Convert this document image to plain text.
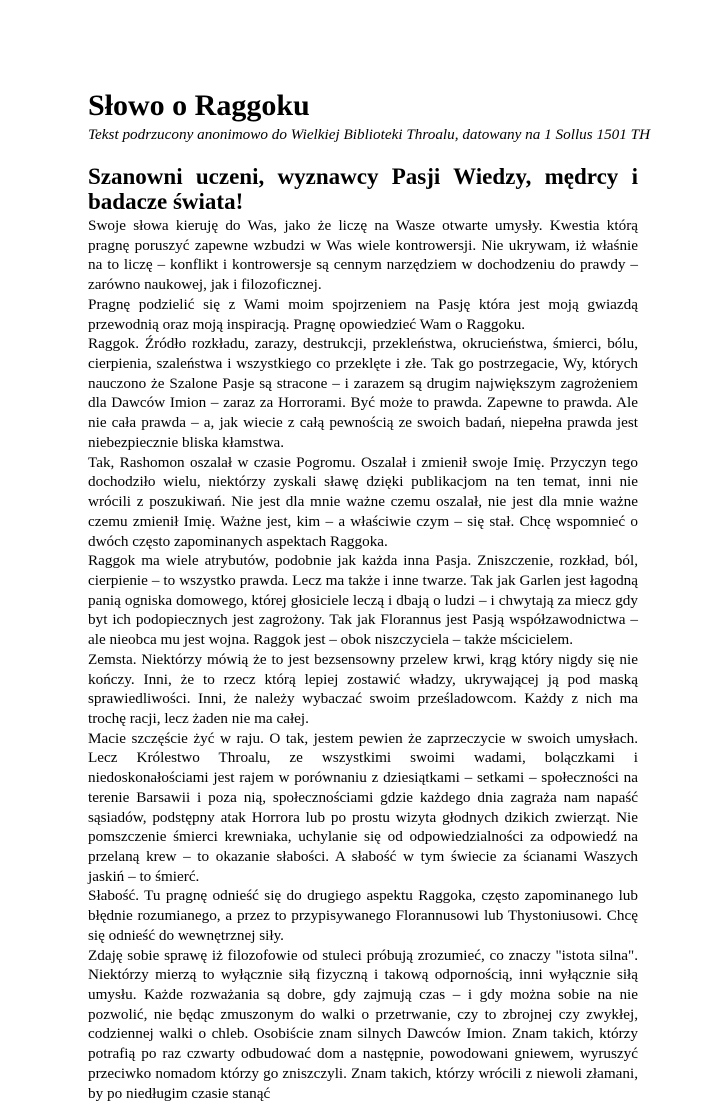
Słowo o Raggoku
Tekst podrzucony anonimowo do Wielkiej Biblioteki Throalu, datowany na 1 Sollus 1501 TH
Szanowni uczeni, wyznawcy Pasji Wiedzy, mędrcy i badacze świata!

Swoje słowa kieruję do Was, jako że liczę na Wasze otwarte umysły. Kwestia którą pragnę poruszyć zapewne wzbudzi w Was wiele kontrowersji. Nie ukrywam, iż właśnie na to liczę – konflikt i kontrowersje są cennym narzędziem w dochodzeniu do prawdy – zarówno naukowej, jak i filozoficznej.

Pragnę podzielić się z Wami moim spojrzeniem na Pasję która jest moją gwiazdą przewodnią oraz moją inspiracją. Pragnę opowiedzieć Wam o Raggoku.

Raggok. Źródło rozkładu, zarazy, destrukcji, przekleństwa, okrucieństwa, śmierci, bólu, cierpienia, szaleństwa i wszystkiego co przeklęte i złe. Tak go postrzegacie, Wy, których nauczono że Szalone Pasje są stracone – i zarazem są drugim największym zagrożeniem dla Dawców Imion – zaraz za Horrorami. Być może to prawda. Zapewne to prawda. Ale nie cała prawda – a, jak wiecie z całą pewnością ze swoich badań, niepełna prawda jest niebezpiecznie bliska kłamstwa.

Tak, Rashomon oszalał w czasie Pogromu. Oszalał i zmienił swoje Imię. Przyczyn tego dochodziło wielu, niektórzy zyskali sławę dzięki publikacjom na ten temat, inni nie wrócili z poszukiwań. Nie jest dla mnie ważne czemu oszalał, nie jest dla mnie ważne czemu zmienił Imię. Ważne jest, kim – a właściwie czym – się stał. Chcę wspomnieć o dwóch często zapominanych aspektach Raggoka.

Raggok ma wiele atrybutów, podobnie jak każda inna Pasja. Zniszczenie, rozkład, ból, cierpienie – to wszystko prawda. Lecz ma także i inne twarze. Tak jak Garlen jest łagodną panią ogniska domowego, której głosiciele leczą i dbają o ludzi – i chwytają za miecz gdy byt ich podopiecznych jest zagrożony. Tak jak Florannus jest Pasją współzawodnictwa – ale nieobca mu jest wojna. Raggok jest – obok niszczyciela – także mścicielem.

Zemsta. Niektórzy mówią że to jest bezsensowny przelew krwi, krąg który nigdy się nie kończy. Inni, że to rzecz którą lepiej zostawić władzy, ukrywającej ją pod maską sprawiedliwości. Inni, że należy wybaczać swoim prześladowcom. Każdy z nich ma trochę racji, lecz żaden nie ma całej.

Macie szczęście żyć w raju. O tak, jestem pewien że zaprzeczycie w swoich umysłach. Lecz Królestwo Throalu, ze wszystkimi swoimi wadami, bolączkami i niedoskonałościami jest rajem w porównaniu z dziesiątkami – setkami – społeczności na terenie Barsawii i poza nią, społecznościami gdzie każdego dnia zagraża nam napaść sąsiadów, podstępny atak Horrora lub po prostu wizyta głodnych dzikich zwierząt. Nie pomszczenie śmierci krewniaka, uchylanie się od odpowiedzialności za odpowiedź na przelaną krew – to okazanie słabości. A słabość w tym świecie za ścianami Waszych jaskiń – to śmierć.

Słabość. Tu pragnę odnieść się do drugiego aspektu Raggoka, często zapominanego lub błędnie rozumianego, a przez to przypisywanego Florannusowi lub Thystoniusowi. Chcę się odnieść do wewnętrznej siły.

Zdaję sobie sprawę iż filozofowie od stuleci próbują zrozumieć, co znaczy "istota silna". Niektórzy mierzą to wyłącznie siłą fizyczną i takową odpornością, inni wyłącznie siłą umysłu. Każde rozważania są dobre, gdy zajmują czas – i gdy można sobie na nie pozwolić, nie będąc zmuszonym do walki o przetrwanie, czy to zbrojnej czy zwykłej, codziennej walki o chleb. Osobiście znam silnych Dawców Imion. Znam takich, którzy potrafią po raz czwarty odbudować dom a następnie, powodowani gniewem, wyruszyć przeciwko nomadom którzy go zniszczyli. Znam takich, którzy wrócili z niewoli złamani, by po niedługim czasie stanąć
